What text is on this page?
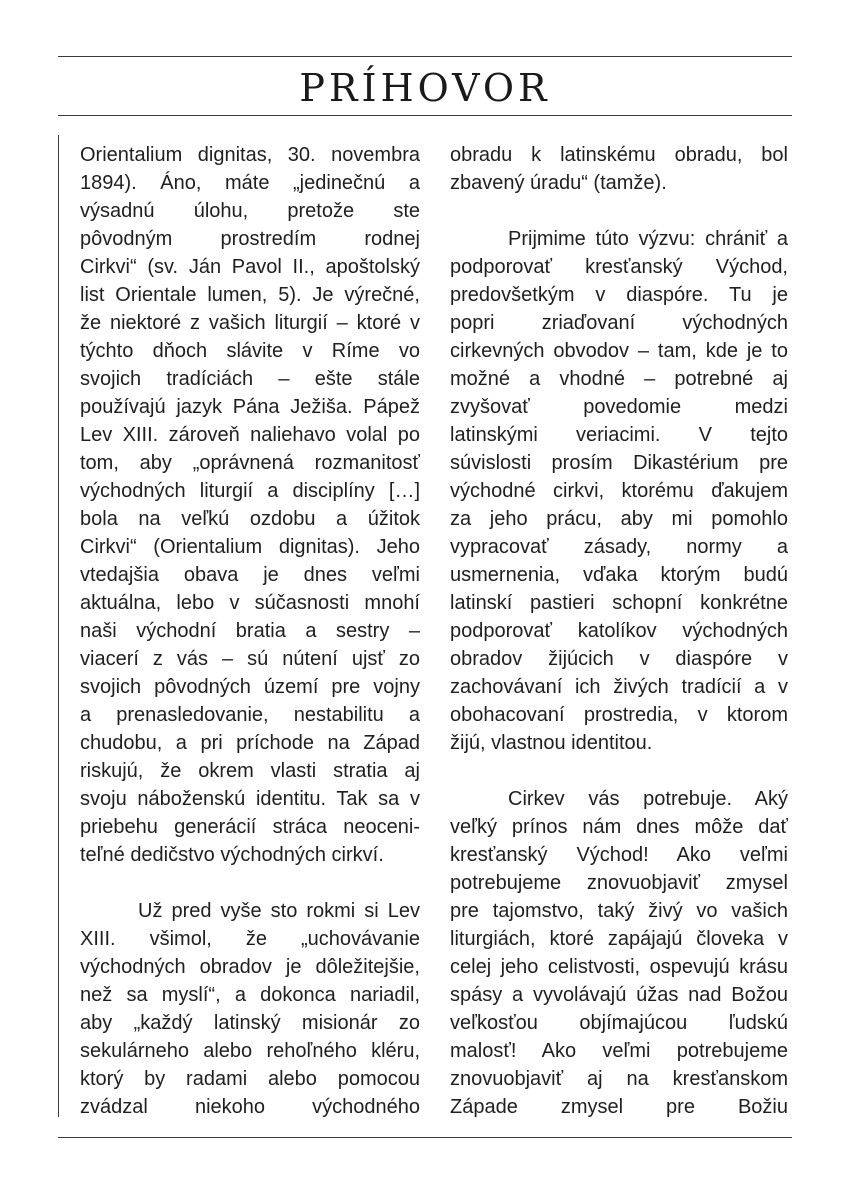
PRÍHOVOR
Orientalium dignitas, 30. novembra
1894). Áno, máte „jedinečnú a
výsadnú úlohu, pretože ste
pôvodným prostredím rodnej
Cirkvi“ (sv. Ján Pavol II., apoštolský
list Orientale lumen, 5). Je výrečné,
že niektoré z vašich liturgií – ktoré v
týchto dňoch slávite v Ríme vo
svojich tradíciách – ešte stále
používajú jazyk Pána Ježiša. Pápež
Lev XIII. zároveň naliehavo volal po
tom, aby „oprávnená rozmanitosť
východných liturgií a disciplíny […]
bola na veľkú ozdobu a úžitok
Cirkvi“ (Orientalium dignitas). Jeho
vtedajšia obava je dnes veľmi
aktuálna, lebo v súčasnosti mnohí
naši východní bratia a sestry –
viacerí z vás – sú nútení ujsť zo
svojich pôvodných území pre vojny
a prenasledovanie, nestabilitu a
chudobu, a pri príchode na Západ
riskujú, že okrem vlasti stratia aj
svoju náboženskú identitu. Tak sa v
priebehu generácií stráca neoceni-
teľné dedičstvo východných cirkví.
Už pred vyše sto rokmi si Lev
XIII. všimol, že „uchovávanie
východných obradov je dôležitejšie,
než sa myslí“, a dokonca nariadil,
aby „každý latinský misionár zo
sekulárneho alebo rehoľného kléru,
ktorý by radami alebo pomocou
zvádzal niekoho východného
obradu k latinskému obradu, bol
zbavený úradu“ (tamže).
Prijmime túto výzvu: chrániť a
podporovať kresťanský Východ,
predovšetkým v diaspóre. Tu je
popri zriaďovaní východných
cirkevných obvodov – tam, kde je to
možné a vhodné – potrebné aj
zvyšovať povedomie medzi
latinskými veriacimi. V tejto
súvislosti prosím Dikastérium pre
východné cirkvi, ktorému ďakujem
za jeho prácu, aby mi pomohlo
vypracovať zásady, normy a
usmernenia, vďaka ktorým budú
latinskí pastieri schopní konkrétne
podporovať katolíkov východných
obradov žijúcich v diaspóre v
zachovávaní ich živých tradícií a v
obohacovaní prostredia, v ktorom
žijú, vlastnou identitou.
Cirkev vás potrebuje. Aký
veľký prínos nám dnes môže dať
kresťanský Východ! Ako veľmi
potrebujeme znovuobjaviť zmysel
pre tajomstvo, taký živý vo vašich
liturgiách, ktoré zapájajú človeka v
celej jeho celistvosti, ospevujú krásu
spásy a vyvolávajú úžas nad Božou
veľkosťou objímajúcou ľudskú
malosť! Ako veľmi potrebujeme
znovuobjaviť aj na kresťanskom
Západe zmysel pre Božiu
